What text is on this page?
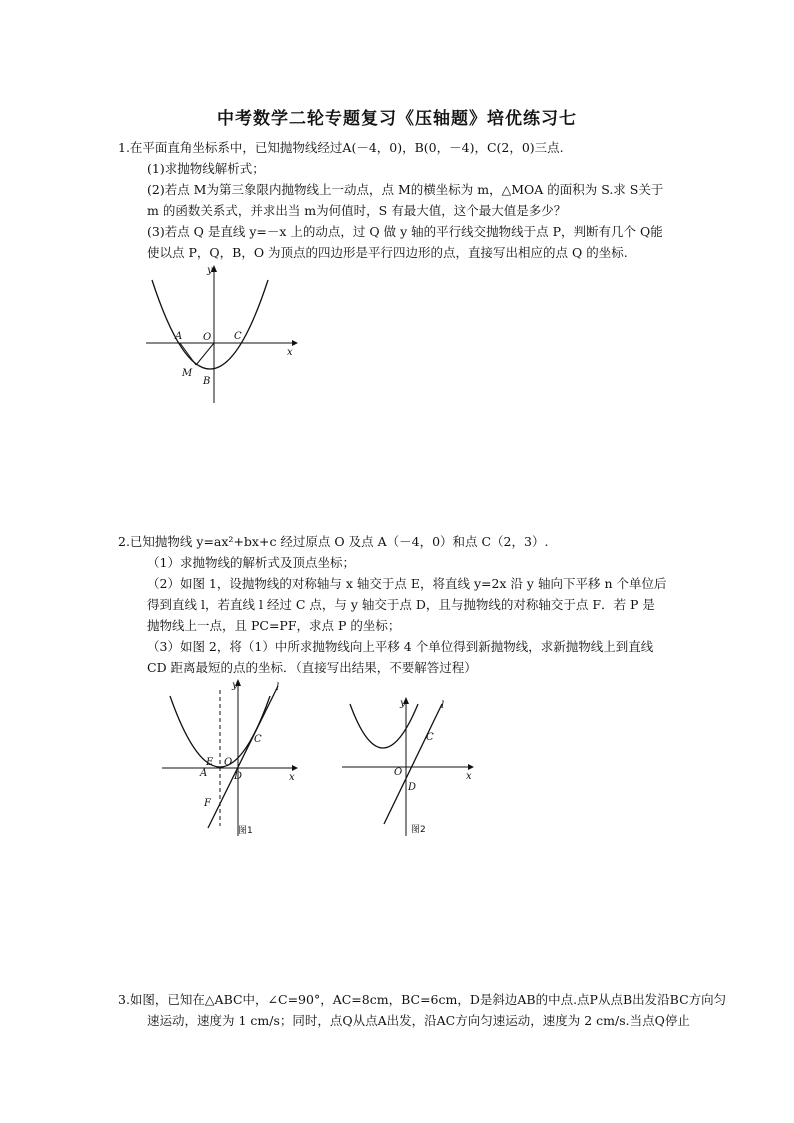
中考数学二轮专题复习《压轴题》培优练习七
1.在平面直角坐标系中，已知抛物线经过A(－4，0)，B(0，－4)，C(2，0)三点.
(1)求抛物线解析式；
(2)若点 M为第三象限内抛物线上一动点，点 M的横坐标为 m，△MOA 的面积为 S.求 S关于
m 的函数关系式，并求出当 m为何值时，S 有最大值，这个最大值是多少？
(3)若点 Q 是直线 y=－x 上的动点，过 Q 做 y 轴的平行线交抛物线于点 P，判断有几个 Q能
使以点 P，Q，B，O 为顶点的四边形是平行四边形的点，直接写出相应的点 Q 的坐标.
y
x
A O C
M
B
2.已知抛物线 y=ax²+bx+c 经过原点 O 及点 A（－4，0）和点 C（2，3）.
（1）求抛物线的解析式及顶点坐标；
（2）如图 1，设抛物线的对称轴与 x 轴交于点 E，将直线 y=2x 沿 y 轴向下平移 n 个单位后
得到直线 l，若直线 l 经过 C 点，与 y 轴交于点 D，且与抛物线的对称轴交于点 F．若 P 是
抛物线上一点，且 PC=PF，求点 P 的坐标；
（3）如图 2，将（1）中所求抛物线向上平移 4 个单位得到新抛物线，求新抛物线上到直线
CD 距离最短的点的坐标．（直接写出结果，不要解答过程）
y
x
l
C
E O
A	D
F
图1
y
x
l
C
O
D
图2
3.如图，已知在△ABC中，∠C=90°，AC=8cm，BC=6cm，D是斜边AB的中点.点P从点B出发沿BC方向匀
速运动，速度为 1 cm/s；同时，点Q从点A出发，沿AC方向匀速运动，速度为 2 cm/s.当点Q停止
